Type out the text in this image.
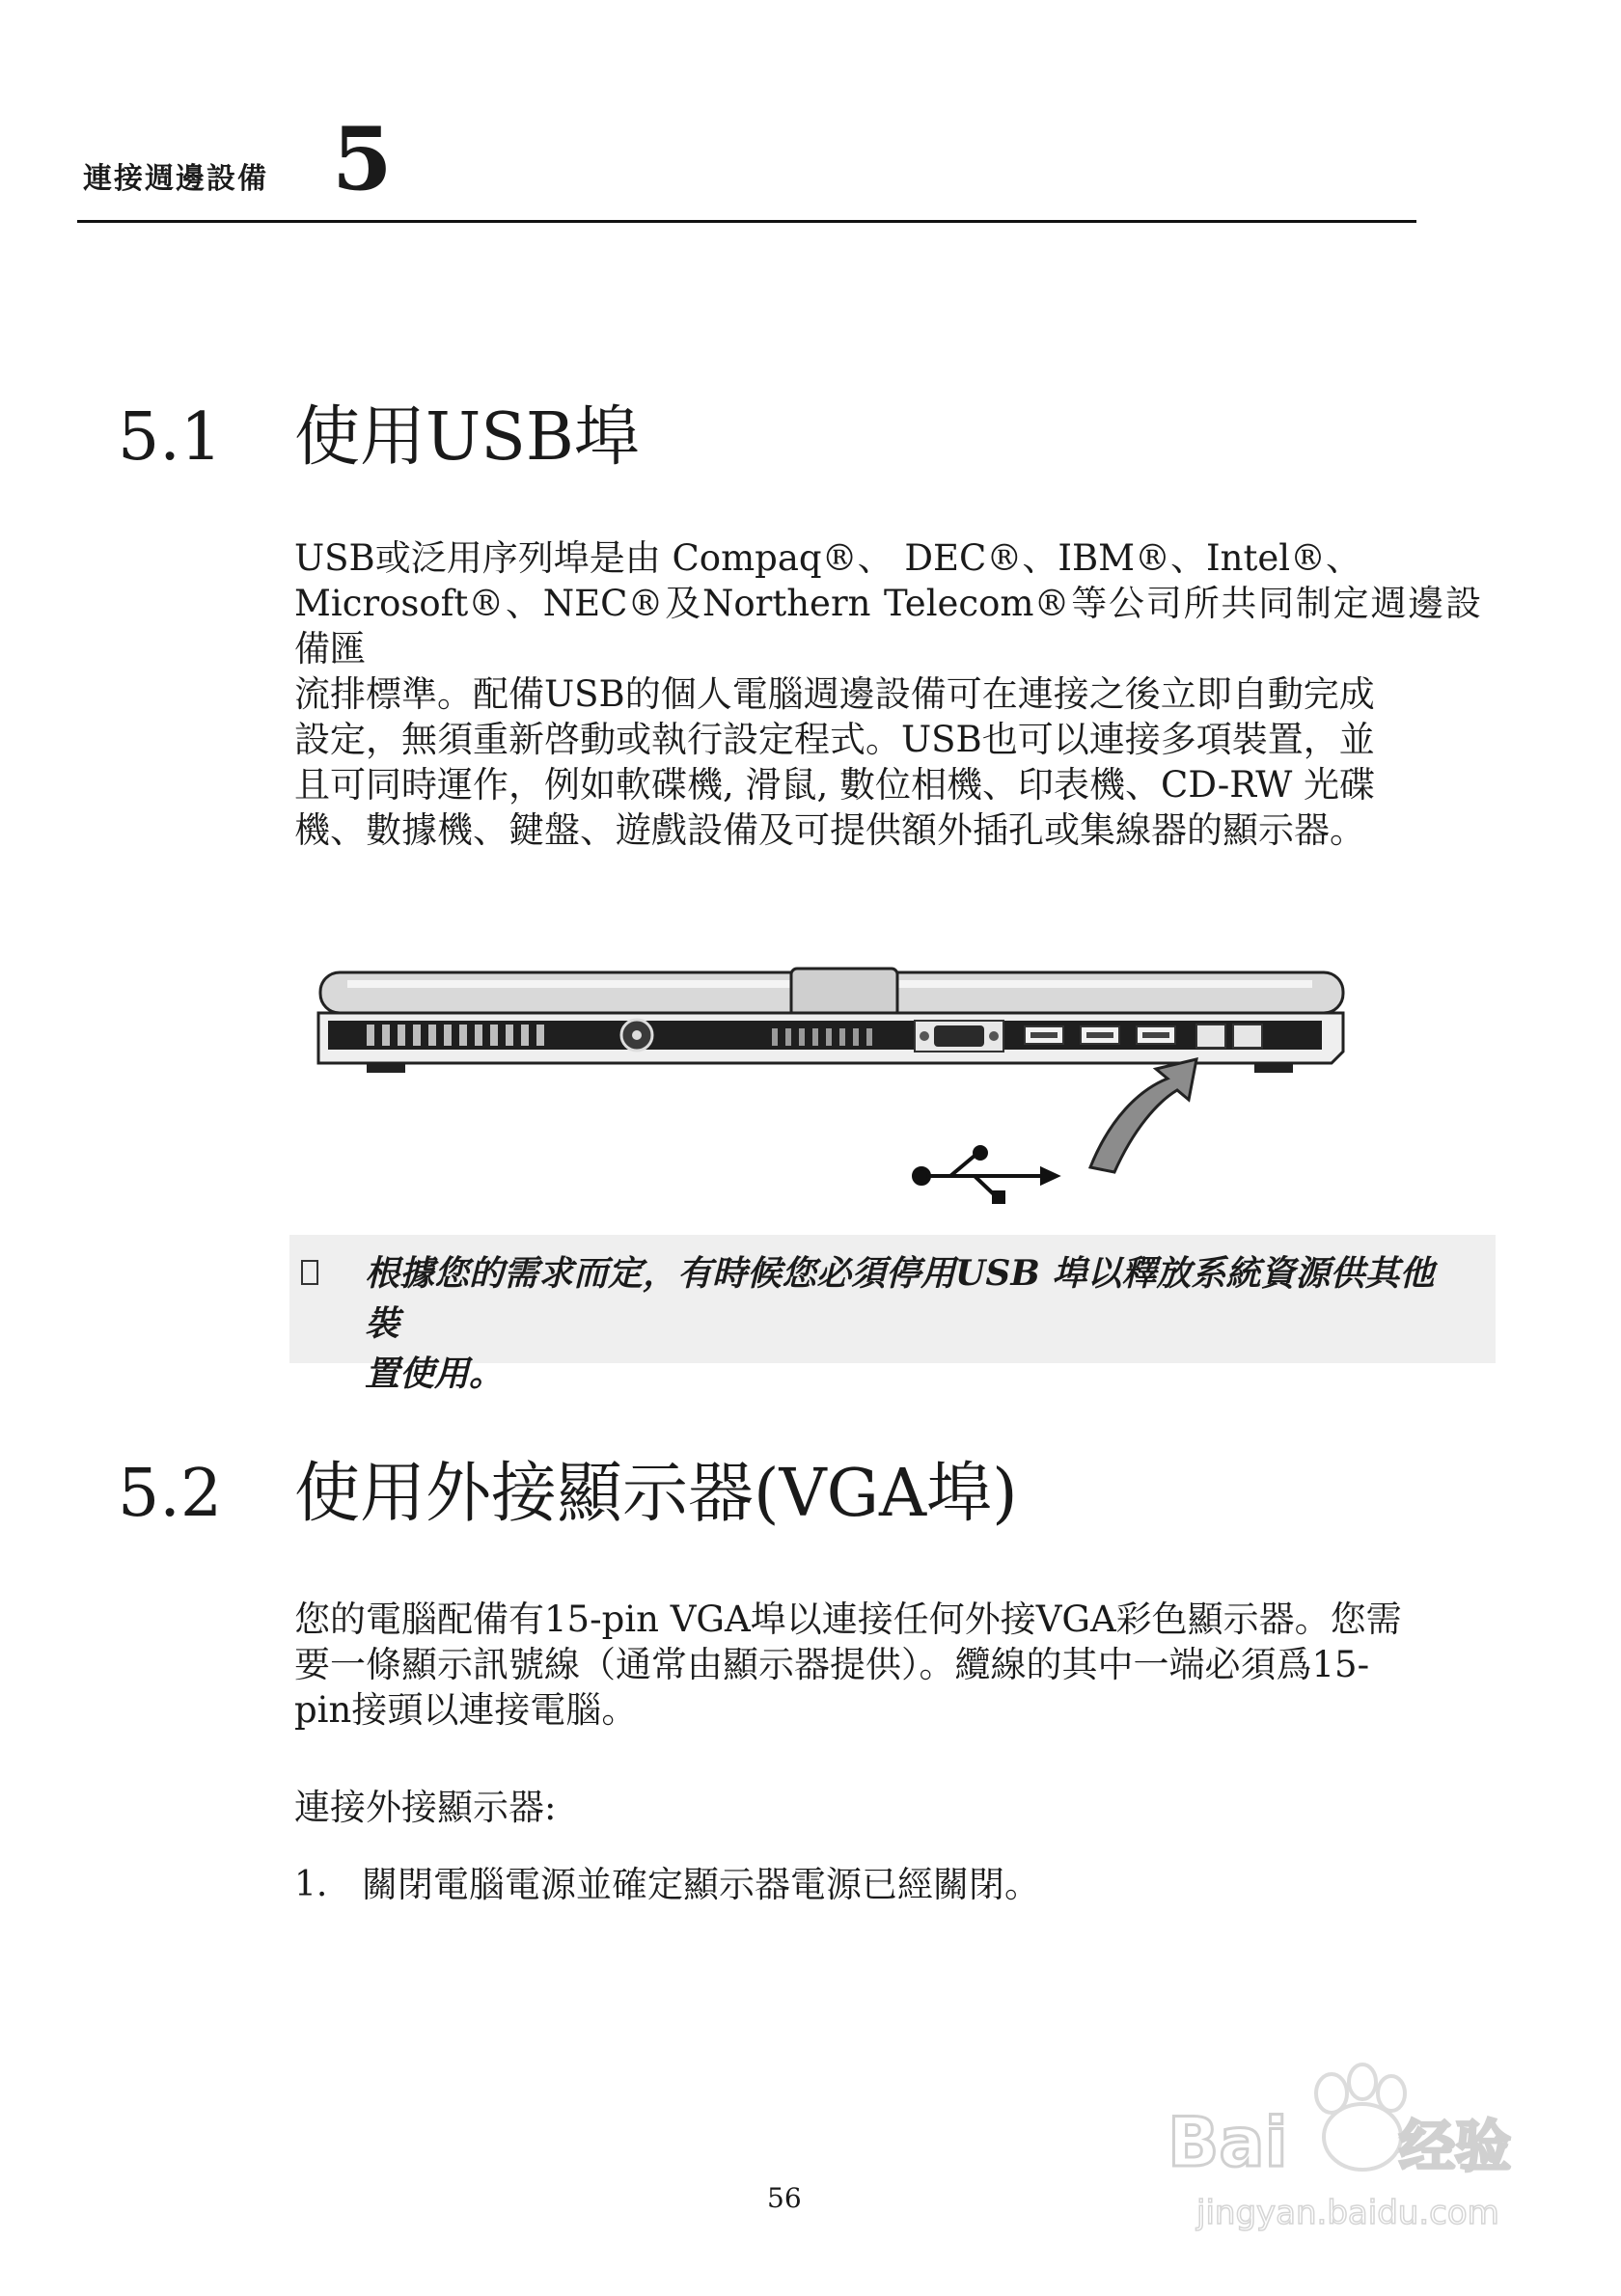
連接週邊設備 5
5.1 使用USB埠

USB或泛用序列埠是由 Compaq®、 DEC®、IBM®、Intel®、

Microsoft®、NEC®及Northern Telecom®等公司所共同制定週邊設備匯

流排標準。配備USB的個人電腦週邊設備可在連接之後立即自動完成

設定，無須重新啓動或執行設定程式。USB也可以連接多項裝置，並

且可同時運作，例如軟碟機, 滑鼠, 數位相機、印表機、CD-RW 光碟

機、數據機、鍵盤、遊戲設備及可提供額外插孔或集線器的顯示器。

根據您的需求而定，有時候您必須停用USB 埠以釋放系統資源供其他裝
置使用。
5.2 使用外接顯示器(VGA埠)

您的電腦配備有15-pin VGA埠以連接任何外接VGA彩色顯示器。您需

要一條顯示訊號線（通常由顯示器提供）。纜線的其中一端必須爲15-

pin接頭以連接電腦。

連接外接顯示器:
1. 關閉電腦電源並確定顯示器電源已經關閉。
56
Bai 经验
jingyan.baidu.com
